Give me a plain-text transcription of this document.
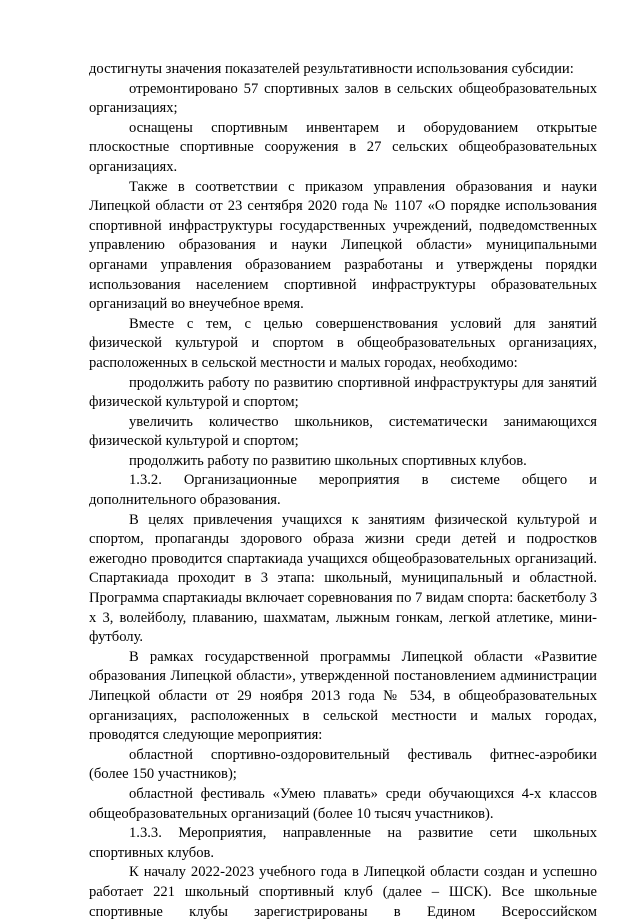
достигнуты значения показателей результативности использования субсидии:

отремонтировано 57 спортивных залов в сельских общеобразовательных организациях;

оснащены спортивным инвентарем и оборудованием открытые плоскостные спортивные сооружения в 27 сельских общеобразовательных организациях.

Также в соответствии с приказом управления образования и науки Липецкой области от 23 сентября 2020 года № 1107 «О порядке использования спортивной инфраструктуры государственных учреждений, подведомственных управлению образования и науки Липецкой области» муниципальными органами управления образованием разработаны и утверждены порядки использования населением спортивной инфраструктуры образовательных организаций во внеучебное время.

Вместе с тем, с целью совершенствования условий для занятий физической культурой и спортом в общеобразовательных организациях, расположенных в сельской местности и малых городах, необходимо:

продолжить работу по развитию спортивной инфраструктуры для занятий физической культурой и спортом;

увеличить количество школьников, систематически занимающихся физической культурой и спортом;

продолжить работу по развитию школьных спортивных клубов.

1.3.2. Организационные мероприятия в системе общего и дополнительного образования.

В целях привлечения учащихся к занятиям физической культурой и спортом, пропаганды здорового образа жизни среди детей и подростков ежегодно проводится спартакиада учащихся общеобразовательных организаций. Спартакиада проходит в 3 этапа: школьный, муниципальный и областной. Программа спартакиады включает соревнования по 7 видам спорта: баскетболу 3 х 3, волейболу, плаванию, шахматам, лыжным гонкам, легкой атлетике, мини-футболу.

В рамках государственной программы Липецкой области «Развитие образования Липецкой области», утвержденной постановлением администрации Липецкой области от 29 ноября 2013 года № 534, в общеобразовательных организациях, расположенных в сельской местности и малых городах, проводятся следующие мероприятия:

областной спортивно-оздоровительный фестиваль фитнес-аэробики (более 150 участников);

областной фестиваль «Умею плавать» среди обучающихся 4-х классов общеобразовательных организаций (более 10 тысяч участников).

1.3.3. Мероприятия, направленные на развитие сети школьных спортивных клубов.

К началу 2022-2023 учебного года в Липецкой области создан и успешно работает 221 школьный спортивный клуб (далее – ШСК). Все школьные спортивные клубы зарегистрированы в Едином Всероссийском
